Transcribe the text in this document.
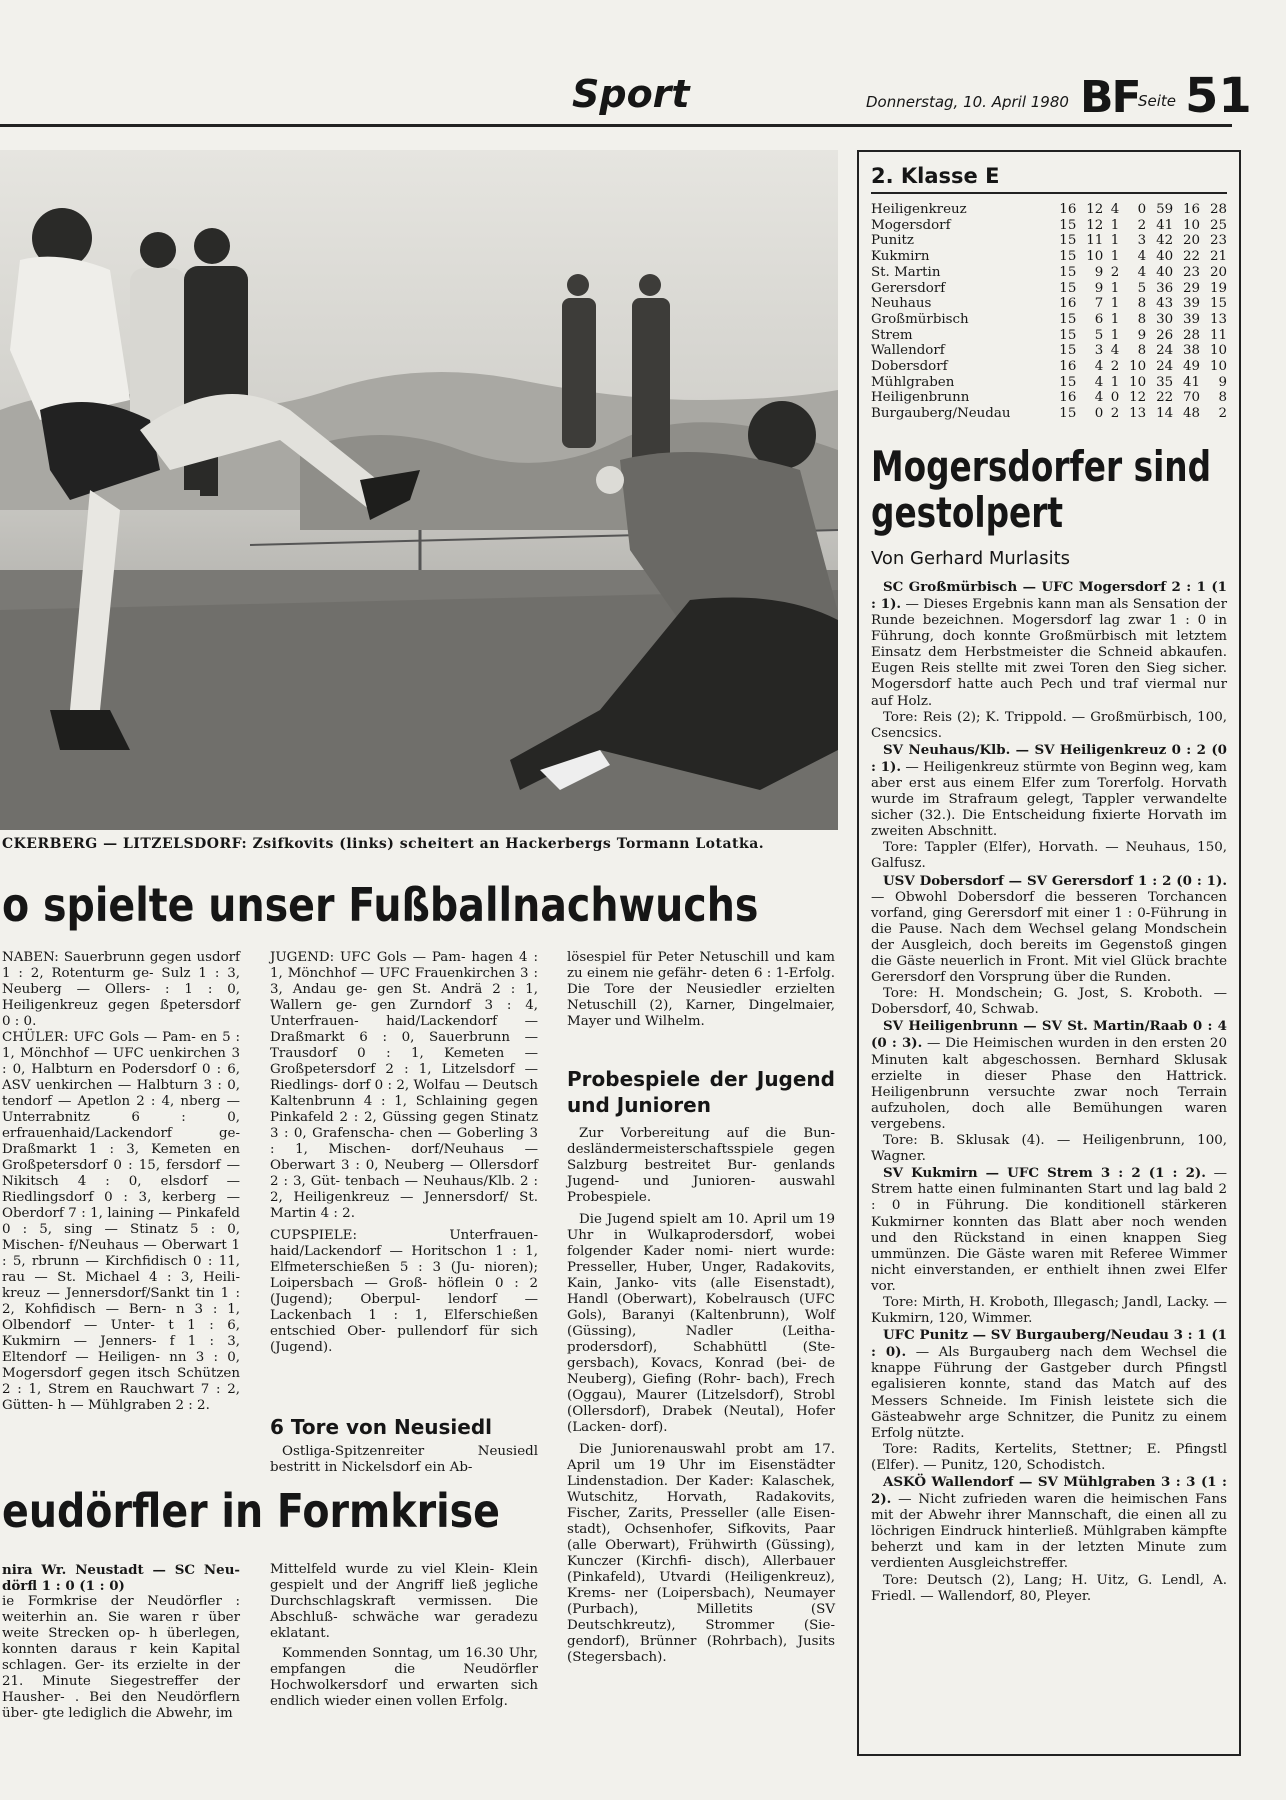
Sport	Donnerstag, 10. April 1980 BF
Seite 51
CKERBERG — LITZELSDORF: Zsifkovits (links) scheitert an Hackerbergs Tormann Lotatka.
o spielte unser Fußballnachwuchs

NABEN: Sauerbrunn gegen usdorf 1 : 2, Rotenturm ge- Sulz 1 : 3, Neuberg — Ollers- : 1 : 0, Heiligenkreuz gegen ßpetersdorf 0 : 0.

CHÜLER: UFC Gols — Pam- en 5 : 1, Mönchhof — UFC uenkirchen 3 : 0, Halbturn en Podersdorf 0 : 6, ASV uenkirchen — Halbturn 3 : 0, tendorf — Apetlon 2 : 4, nberg — Unterrabnitz 6 : 0, erfrauenhaid/Lackendorf ge- Draßmarkt 1 : 3, Kemeten en Großpetersdorf 0 : 15, fersdorf — Nikitsch 4 : 0, elsdorf — Riedlingsdorf 0 : 3, kerberg — Oberdorf 7 : 1, laining — Pinkafeld 0 : 5, sing — Stinatz 5 : 0, Mischen- f/Neuhaus — Oberwart 1 : 5, rbrunn — Kirchfidisch 0 : 11, rau — St. Michael 4 : 3, Heili- kreuz — Jennersdorf/Sankt tin 1 : 2, Kohfidisch — Bern- n 3 : 1, Olbendorf — Unter- t 1 : 6, Kukmirn — Jenners- f 1 : 3, Eltendorf — Heiligen- nn 3 : 0, Mogersdorf gegen itsch Schützen 2 : 1, Strem en Rauchwart 7 : 2, Gütten- h — Mühlgraben 2 : 2.

JUGEND: UFC Gols — Pam- hagen 4 : 1, Mönchhof — UFC Frauenkirchen 3 : 3, Andau ge- gen St. Andrä 2 : 1, Wallern ge- gen Zurndorf 3 : 4, Unterfrauen- haid/Lackendorf — Draßmarkt 6 : 0, Sauerbrunn — Trausdorf 0 : 1, Kemeten — Großpetersdorf 2 : 1, Litzelsdorf — Riedlings- dorf 0 : 2, Wolfau — Deutsch Kaltenbrunn 4 : 1, Schlaining gegen Pinkafeld 2 : 2, Güssing gegen Stinatz 3 : 0, Grafenscha- chen — Goberling 3 : 1, Mischen- dorf/Neuhaus — Oberwart 3 : 0, Neuberg — Ollersdorf 2 : 3, Güt- tenbach — Neuhaus/Klb. 2 : 2, Heiligenkreuz — Jennersdorf/ St. Martin 4 : 2.

CUPSPIELE: Unterfrauen- haid/Lackendorf — Horitschon 1 : 1, Elfmeterschießen 5 : 3 (Ju- nioren); Loipersbach — Groß- höflein 0 : 2 (Jugend); Oberpul- lendorf — Lackenbach 1 : 1, Elferschießen entschied Ober- pullendorf für sich (Jugend).

6 Tore von Neusiedl

Ostliga-Spitzenreiter Neusiedl bestritt in Nickelsdorf ein Ab-

lösespiel für Peter Netuschill und kam zu einem nie gefähr- deten 6 : 1-Erfolg. Die Tore der Neusiedler erzielten Netuschill (2), Karner, Dingelmaier, Mayer und Wilhelm.

Probespiele der Jugend und Junioren

Zur Vorbereitung auf die Bun- desländermeisterschaftsspiele gegen Salzburg bestreitet Bur- genlands Jugend- und Junioren- auswahl Probespiele.

Die Jugend spielt am 10. April um 19 Uhr in Wulkaprodersdorf, wobei folgender Kader nomi- niert wurde: Presseller, Huber, Unger, Radakovits, Kain, Janko- vits (alle Eisenstadt), Handl (Oberwart), Kobelrausch (UFC Gols), Baranyi (Kaltenbrunn), Wolf (Güssing), Nadler (Leitha- prodersdorf), Schabhüttl (Ste- gersbach), Kovacs, Konrad (bei- de Neuberg), Giefing (Rohr- bach), Frech (Oggau), Maurer (Litzelsdorf), Strobl (Ollersdorf), Drabek (Neutal), Hofer (Lacken- dorf).

Die Juniorenauswahl probt am 17. April um 19 Uhr im Eisenstädter Lindenstadion. Der Kader: Kalaschek, Wutschitz, Horvath, Radakovits, Fischer, Zarits, Presseller (alle Eisen- stadt), Ochsenhofer, Sifkovits, Paar (alle Oberwart), Frühwirth (Güssing), Kunczer (Kirchfi- disch), Allerbauer (Pinkafeld), Utvardi (Heiligenkreuz), Krems- ner (Loipersbach), Neumayer (Purbach), Milletits (SV Deutschkreutz), Strommer (Sie- gendorf), Brünner (Rohrbach), Jusits (Stegersbach).

eudörfler in Formkrise

nira Wr. Neustadt — SC Neu- dörfl 1 : 0 (1 : 0)

ie Formkrise der Neudörfler : weiterhin an. Sie waren r über weite Strecken op- h überlegen, konnten daraus r kein Kapital schlagen. Ger- its erzielte in der 21. Minute Siegestreffer der Hausher- . Bei den Neudörflern über- gte lediglich die Abwehr, im

Mittelfeld wurde zu viel Klein- Klein gespielt und der Angriff ließ jegliche Durchschlagskraft vermissen. Die Abschluß- schwäche war geradezu eklatant.

Kommenden Sonntag, um 16.30 Uhr, empfangen die Neudörfler Hochwolkersdorf und erwarten sich endlich wieder einen vollen Erfolg.

2. Klasse E
Heiligenkreuz	16	12	4	0	59	16	28
Mogersdorf	15	12	1	2	41	10	25
Punitz	15	11	1	3	42	20	23
Kukmirn	15	10	1	4	40	22	21
St. Martin	15	9	2	4	40	23	20
Gerersdorf	15	9	1	5	36	29	19
Neuhaus	16	7	1	8	43	39	15
Großmürbisch	15	6	1	8	30	39	13
Strem	15	5	1	9	26	28	11
Wallendorf	15	3	4	8	24	38	10
Dobersdorf	16	4	2	10	24	49	10
Mühlgraben	15	4	1	10	35	41	9
Heiligenbrunn	16	4	0	12	22	70	8
Burgauberg/Neudau	15	0	2	13	14	48	2
Mogersdorfer sind gestolpert
Von Gerhard Murlasits

SC Großmürbisch — UFC Mogersdorf 2 : 1 (1 : 1). — Dieses Ergebnis kann man als Sensation der Runde bezeichnen. Mogersdorf lag zwar 1 : 0 in Führung, doch konnte Großmürbisch mit letztem Einsatz dem Herbstmeister die Schneid abkaufen. Eugen Reis stellte mit zwei Toren den Sieg sicher. Mogersdorf hatte auch Pech und traf viermal nur auf Holz.

Tore: Reis (2); K. Trippold. — Großmürbisch, 100, Csencsics.

SV Neuhaus/Klb. — SV Heiligenkreuz 0 : 2 (0 : 1). — Heiligenkreuz stürmte von Beginn weg, kam aber erst aus einem Elfer zum Torerfolg. Horvath wurde im Strafraum gelegt, Tappler verwandelte sicher (32.). Die Entscheidung fixierte Horvath im zweiten Abschnitt.

Tore: Tappler (Elfer), Horvath. — Neuhaus, 150, Galfusz.

USV Dobersdorf — SV Gerersdorf 1 : 2 (0 : 1). — Obwohl Dobersdorf die besseren Torchancen vorfand, ging Gerersdorf mit einer 1 : 0-Führung in die Pause. Nach dem Wechsel gelang Mondschein der Ausgleich, doch bereits im Gegenstoß gingen die Gäste neuerlich in Front. Mit viel Glück brachte Gerersdorf den Vorsprung über die Runden.

Tore: H. Mondschein; G. Jost, S. Kroboth. — Dobersdorf, 40, Schwab.

SV Heiligenbrunn — SV St. Martin/Raab 0 : 4 (0 : 3). — Die Heimischen wurden in den ersten 20 Minuten kalt abgeschossen. Bernhard Sklusak erzielte in dieser Phase den Hattrick. Heiligenbrunn versuchte zwar noch Terrain aufzuholen, doch alle Bemühungen waren vergebens.

Tore: B. Sklusak (4). — Heiligenbrunn, 100, Wagner.

SV Kukmirn — UFC Strem 3 : 2 (1 : 2). — Strem hatte einen fulminanten Start und lag bald 2 : 0 in Führung. Die konditionell stärkeren Kukmirner konnten das Blatt aber noch wenden und den Rückstand in einen knappen Sieg ummünzen. Die Gäste waren mit Referee Wimmer nicht einverstanden, er enthielt ihnen zwei Elfer vor.

Tore: Mirth, H. Kroboth, Illegasch; Jandl, Lacky. — Kukmirn, 120, Wimmer.

UFC Punitz — SV Burgauberg/Neudau 3 : 1 (1 : 0). — Als Burgauberg nach dem Wechsel die knappe Führung der Gastgeber durch Pfingstl egalisieren konnte, stand das Match auf des Messers Schneide. Im Finish leistete sich die Gästeabwehr arge Schnitzer, die Punitz zu einem Erfolg nützte.

Tore: Radits, Kertelits, Stettner; E. Pfingstl (Elfer). — Punitz, 120, Schodistch.

ASKÖ Wallendorf — SV Mühlgraben 3 : 3 (1 : 2). — Nicht zufrieden waren die heimischen Fans mit der Abwehr ihrer Mannschaft, die einen all zu löchrigen Eindruck hinterließ. Mühlgraben kämpfte beherzt und kam in der letzten Minute zum verdienten Ausgleichstreffer.

Tore: Deutsch (2), Lang; H. Uitz, G. Lendl, A. Friedl. — Wallendorf, 80, Pleyer.
